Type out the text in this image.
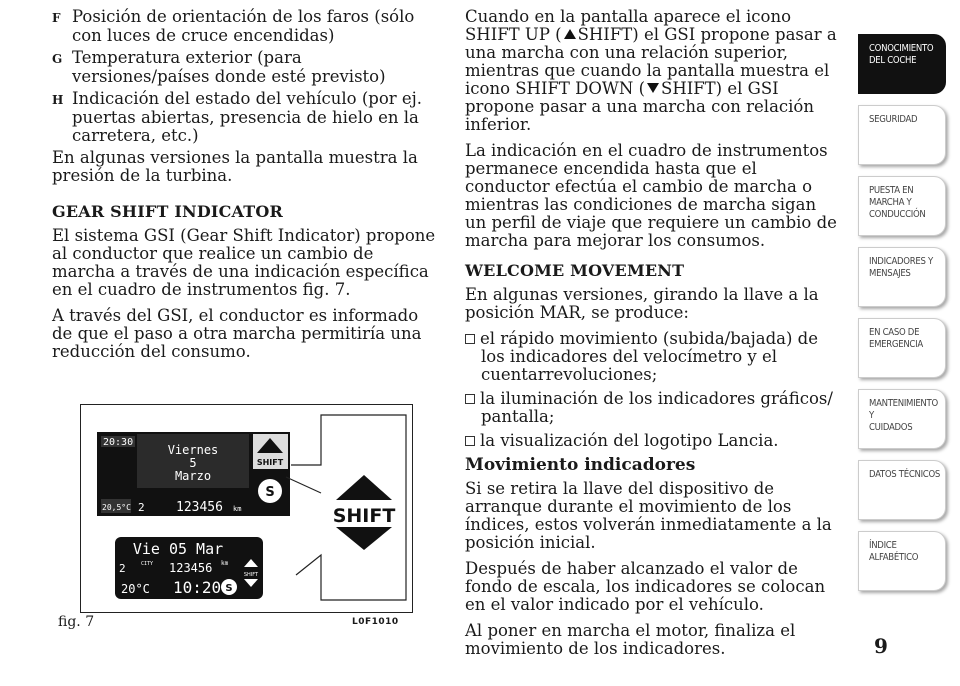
F Posición de orientación de los faros (sólo con luces de cruce encendidas)
G Temperatura exterior (para versiones/países donde esté previsto)
H Indicación del estado del vehículo (por ej. puertas abiertas, presencia de hielo en la carretera, etc.)

En algunas versiones la pantalla muestra la presión de la turbina.

GEAR SHIFT INDICATOR

El sistema GSI (Gear Shift Indicator) propone al conductor que realice un cambio de marcha a través de una indicación específica en el cuadro de instrumentos fig. 7.

A través del GSI, el conductor es informado de que el paso a otra marcha permitiría una reducción del consumo.

20:30
Viernes
5
Marzo
20,5°C 2 123456 km
SHIFT
S
Vie 05 Mar
2	CITY 123456 km
20°C 10:20 S
SHIFT
SHIFT
fig. 7	L0F1010

Cuando en la pantalla aparece el icono SHIFT UP ( SHIFT) el GSI propone pasar a una marcha con una relación superior, mientras que cuando la pantalla muestra el icono SHIFT DOWN ( SHIFT) el GSI propone pasar a una marcha con relación inferior.

La indicación en el cuadro de instrumentos permanece encendida hasta que el conductor efectúa el cambio de marcha o mientras las condiciones de marcha sigan un perfil de viaje que requiere un cambio de marcha para mejorar los consumos.

WELCOME MOVEMENT

En algunas versiones, girando la llave a la posición MAR, se produce:

el rápido movimiento (subida/bajada) de los indicadores del velocímetro y el cuentarrevoluciones;
la iluminación de los indicadores gráficos/ pantalla;
la visualización del logotipo Lancia.
Movimiento indicadores

Si se retira la llave del dispositivo de arranque durante el movimiento de los índices, estos volverán inmediatamente a la posición inicial.

Después de haber alcanzado el valor de fondo de escala, los indicadores se colocan en el valor indicado por el vehículo.

Al poner en marcha el motor, finaliza el movimiento de los indicadores.

CONOCIMIENTO
DEL COCHE
SEGURIDAD
PUESTA EN
MARCHA Y
CONDUCCIÓN
INDICADORES Y
MENSAJES
EN CASO DE
EMERGENCIA
MANTENIMIENTO Y
CUIDADOS
DATOS TÉCNICOS
ÍNDICE
ALFABÉTICO
9
